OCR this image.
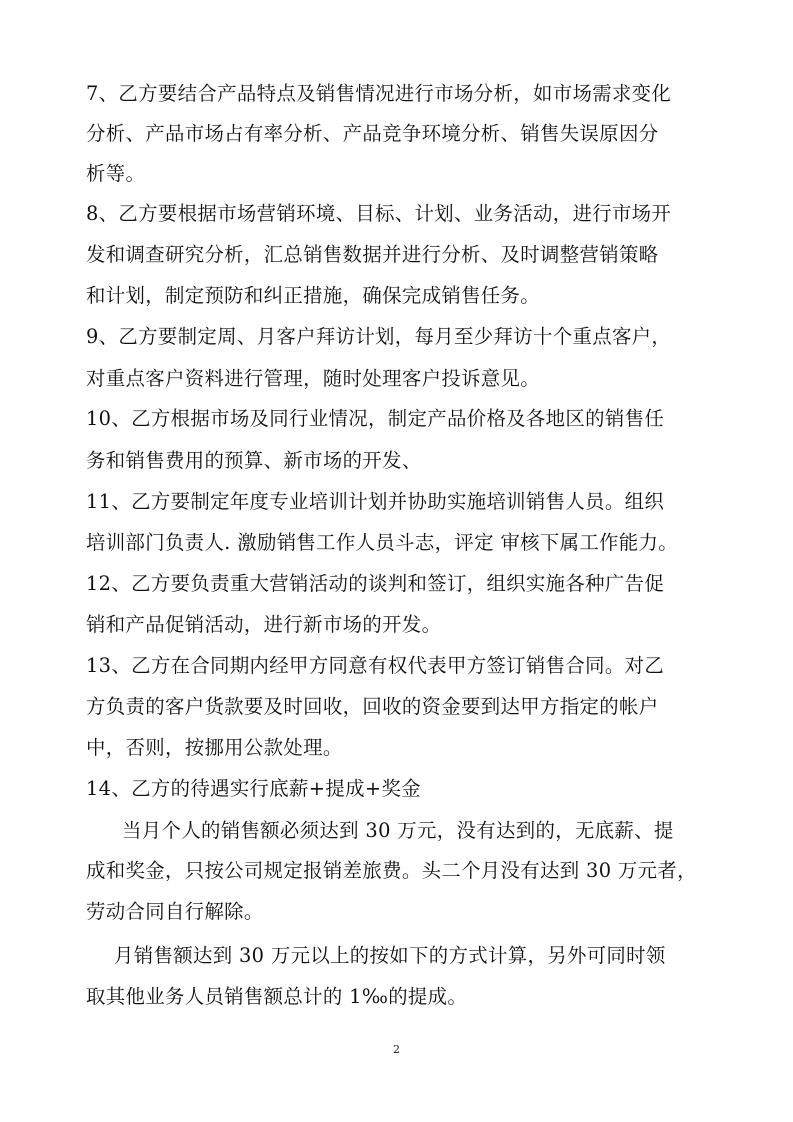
7、乙方要结合产品特点及销售情况进行市场分析，如市场需求变化
分析、产品市场占有率分析、产品竞争环境分析、销售失误原因分
析等。
8、乙方要根据市场营销环境、目标、计划、业务活动，进行市场开
发和调查研究分析，汇总销售数据并进行分析、及时调整营销策略
和计划，制定预防和纠正措施，确保完成销售任务。
9、乙方要制定周、月客户拜访计划，每月至少拜访十个重点客户，
对重点客户资料进行管理，随时处理客户投诉意见。
10、乙方根据市场及同行业情况，制定产品价格及各地区的销售任
务和销售费用的预算、新市场的开发、
11、乙方要制定年度专业培训计划并协助实施培训销售人员。组织
培训部门负责人. 激励销售工作人员斗志，评定 审核下属工作能力。
12、乙方要负责重大营销活动的谈判和签订，组织实施各种广告促
销和产品促销活动，进行新市场的开发。
13、乙方在合同期内经甲方同意有权代表甲方签订销售合同。对乙
方负责的客户货款要及时回收，回收的资金要到达甲方指定的帐户
中，否则，按挪用公款处理。
14、乙方的待遇实行底薪+提成+奖金
当月个人的销售额必须达到 30 万元，没有达到的，无底薪、提
成和奖金，只按公司规定报销差旅费。头二个月没有达到 30 万元者，
劳动合同自行解除。
月销售额达到 30 万元以上的按如下的方式计算，另外可同时领
取其他业务人员销售额总计的 1‰的提成。
2
